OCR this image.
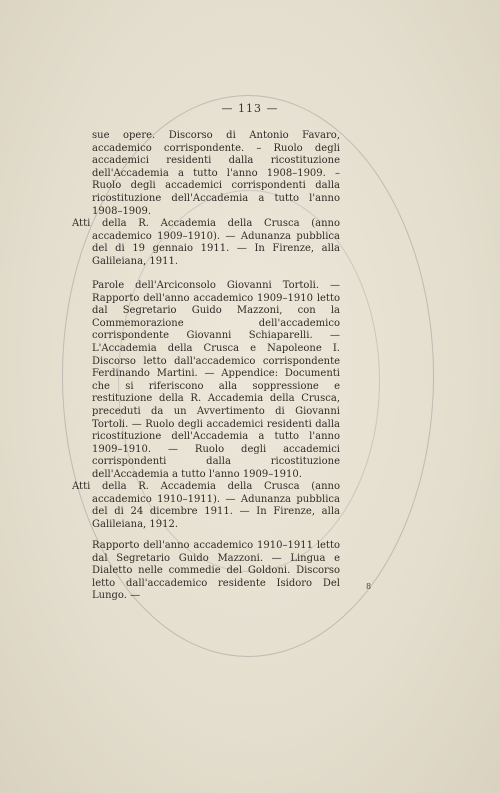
— 113 —

sue opere. Discorso di Antonio Favaro, accademico corrispondente. – Ruolo degli accademici residenti dalla ricostituzione dell'Accademia a tutto l'anno 1908–1909. – Ruolo degli accademici corrispondenti dalla ricostituzione dell'Accademia a tutto l'anno 1908–1909.

Atti della R. Accademia della Crusca (anno accademico 1909–1910). — Adunanza pubblica del di 19 gennaio 1911. — In Firenze, alla Galileiana, 1911.

Parole dell'Arciconsolo Giovanni Tortoli. — Rapporto dell'anno accademico 1909–1910 letto dal Segretario Guido Mazzoni, con la Commemorazione dell'accademico corrispondente Giovanni Schiaparelli. — L'Accademia della Crusca e Napoleone I. Discorso letto dall'accademico corrispondente Ferdinando Martini. — Appendice: Documenti che si riferiscono alla soppressione e restituzione della R. Accademia della Crusca, preceduti da un Avvertimento di Giovanni Tortoli. — Ruolo degli accademici residenti dalla ricostituzione dell'Accademia a tutto l'anno 1909–1910. — Ruolo degli accademici corrispondenti dalla ricostituzione dell'Accademia a tutto l'anno 1909–1910.

Atti della R. Accademia della Crusca (anno accademico 1910–1911). — Adunanza pubblica del di 24 dicembre 1911. — In Firenze, alla Galileiana, 1912.

Rapporto dell'anno accademico 1910–1911 letto dal Segretario Guido Mazzoni. — Lingua e Dialetto nelle commedie del Goldoni. Discorso letto dall'accademico residente Isidoro Del Lungo. —

8
